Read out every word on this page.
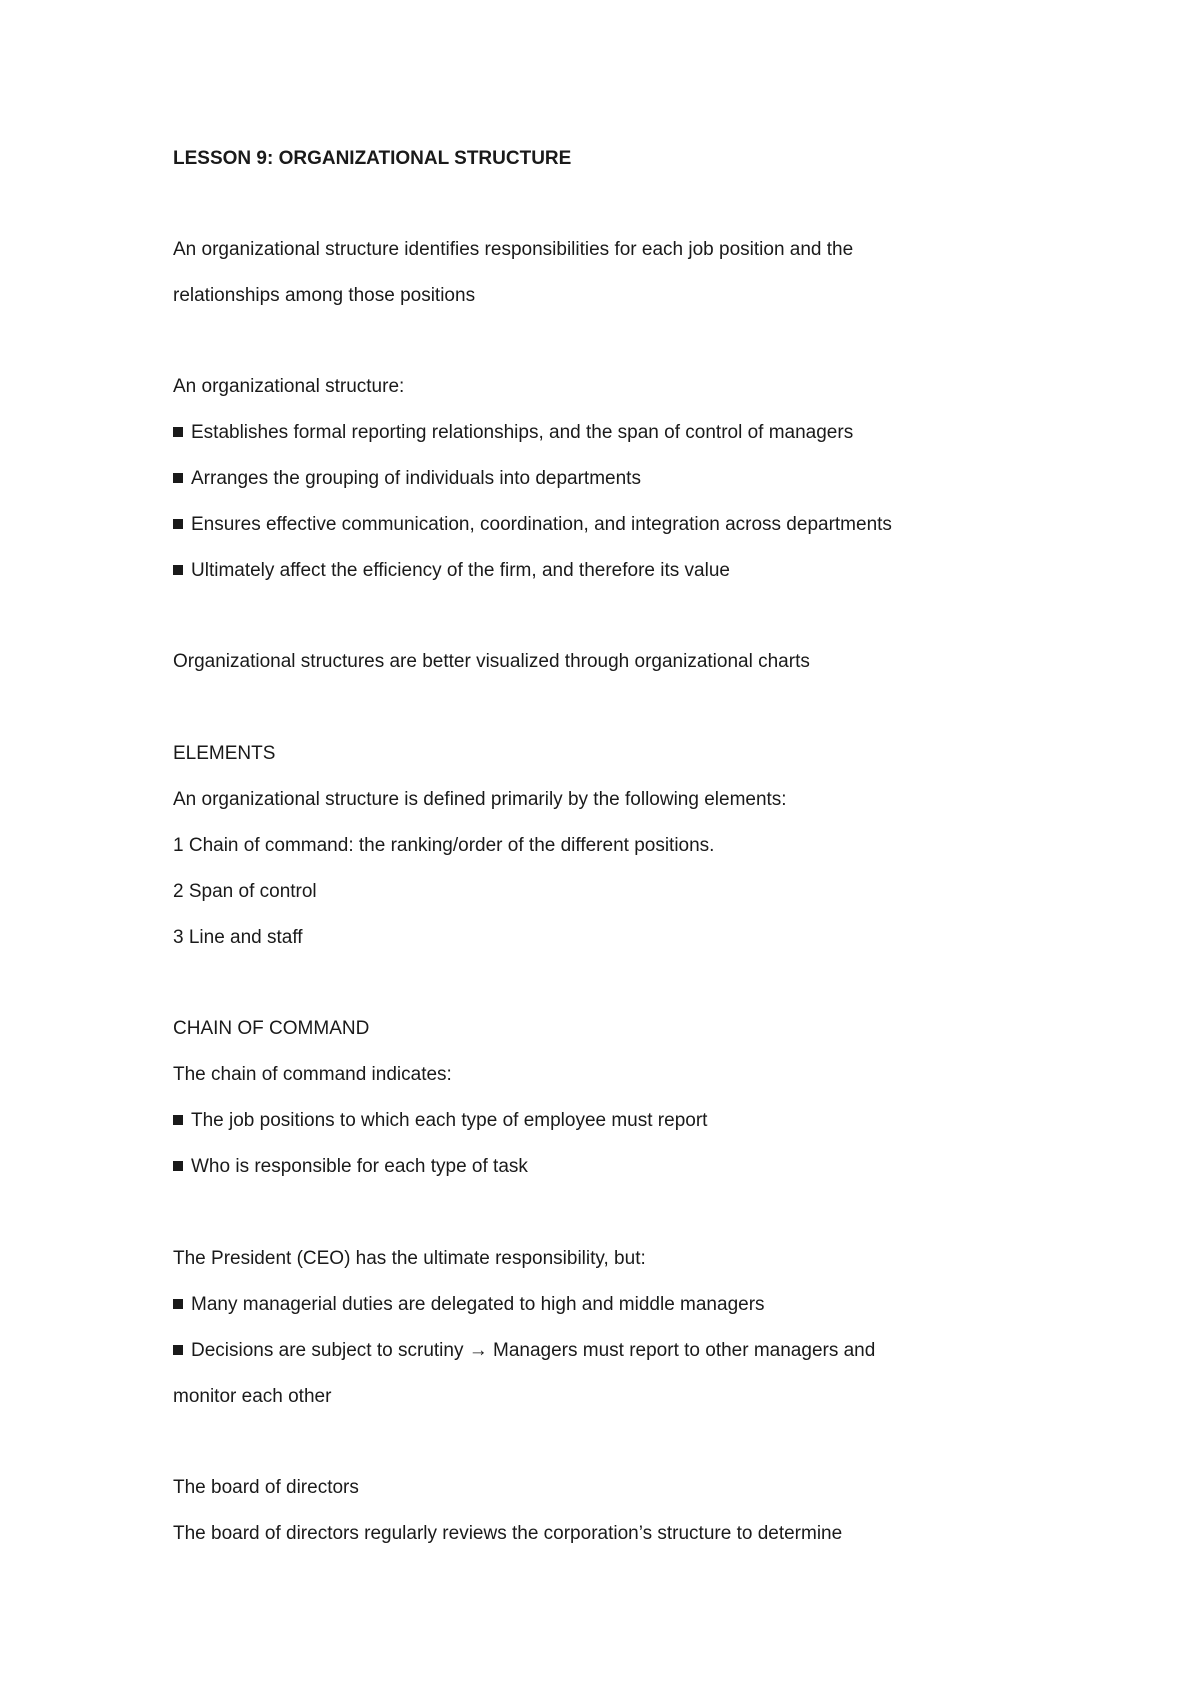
LESSON 9: ORGANIZATIONAL STRUCTURE
An organizational structure identifies responsibilities for each job position and the
relationships among those positions
An organizational structure:
Establishes formal reporting relationships, and the span of control of managers
Arranges the grouping of individuals into departments
Ensures effective communication, coordination, and integration across departments
Ultimately affect the efficiency of the firm, and therefore its value
Organizational structures are better visualized through organizational charts
ELEMENTS
An organizational structure is defined primarily by the following elements:
1 Chain of command: the ranking/order of the different positions.
2 Span of control
3 Line and staff
CHAIN OF COMMAND
The chain of command indicates:
The job positions to which each type of employee must report
Who is responsible for each type of task
The President (CEO) has the ultimate responsibility, but:
Many managerial duties are delegated to high and middle managers
Decisions are subject to scrutiny → Managers must report to other managers and
monitor each other
The board of directors
The board of directors regularly reviews the corporation’s structure to determine
